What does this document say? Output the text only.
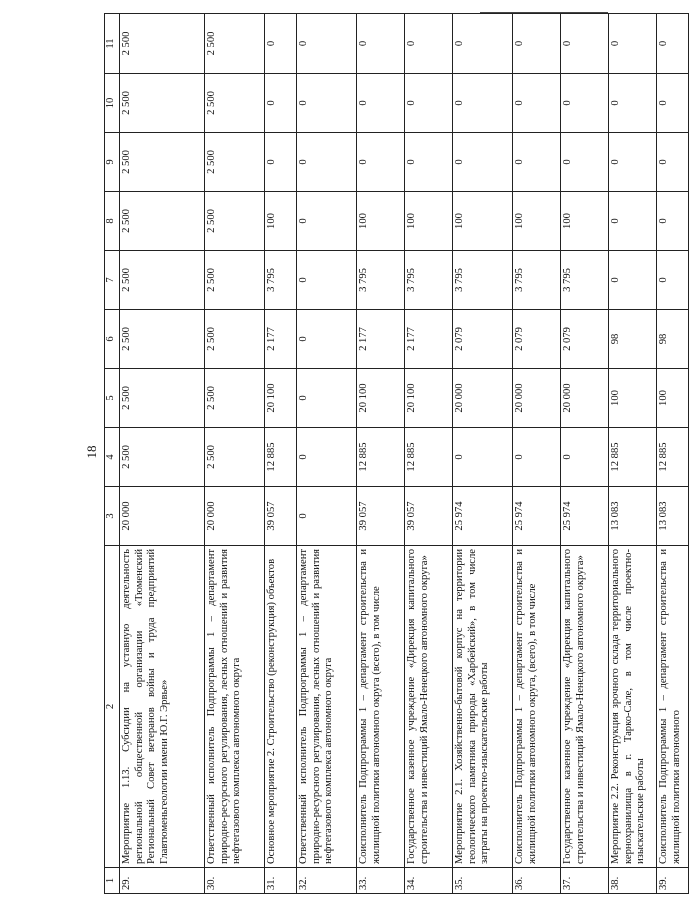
18
1	2	3	4	5	6	7	8	9	10	11
29.	Мероприятие 1.13. Субсидии на уставную деятельность региональной общественной организации «Тюменский Региональный Совет ветеранов войны и труда предприятий Главтюменьгеологии имени Ю.Г. Эрвье»	20 000	2 500	2 500	2 500	2 500	2 500	2 500	2 500	2 500
30.	Ответственный исполнитель Подпрограммы 1 – департамент природно-ресурсного регулирования, лесных отношений и развития нефтегазового комплекса автономного округа	20 000	2 500	2 500	2 500	2 500	2 500	2 500	2 500	2 500
31.	Основное мероприятие 2. Строительство (реконструкция) объектов	39 057	12 885	20 100	2 177	3 795	100	0	0	0
32.	Ответственный исполнитель Подпрограммы 1 – департамент природно-ресурсного регулирования, лесных отношений и развития нефтегазового комплекса автономного округа	0	0	0	0	0	0	0	0	0
33.	Соисполнитель Подпрограммы 1 – департамент строительства и жилищной политики автономного округа (всего), в том числе	39 057	12 885	20 100	2 177	3 795	100	0	0	0
34.	Государственное казенное учреждение «Дирекция капитального строительства и инвестиций Ямало-Ненецкого автономного округа»	39 057	12 885	20 100	2 177	3 795	100	0	0	0
35.	Мероприятие 2.1. Хозяйственно-бытовой корпус на территории геологического памятника природы «Харбейский», в том числе затраты на проектно-изыскательские работы	25 974	0	20 000	2 079	3 795	100	0	0	0
36.	Соисполнитель Подпрограммы 1 – департамент строительства и жилищной политики автономного округа, (всего), в том числе	25 974	0	20 000	2 079	3 795	100	0	0	0
37.	Государственное казенное учреждение «Дирекция капитального строительства и инвестиций Ямало-Ненецкого автономного округа»	25 974	0	20 000	2 079	3 795	100	0	0	0
38.	Мероприятие 2.2. Реконструкция зрочного склада территориального кернохранилища в г. Тарко-Сале, в том числе проектно-изыскательские работы	13 083	12 885	100	98	0	0	0	0	0
39.	Соисполнитель Подпрограммы 1 – департамент строительства и жилищной политики автономного	13 083	12 885	100	98	0	0	0	0	0
